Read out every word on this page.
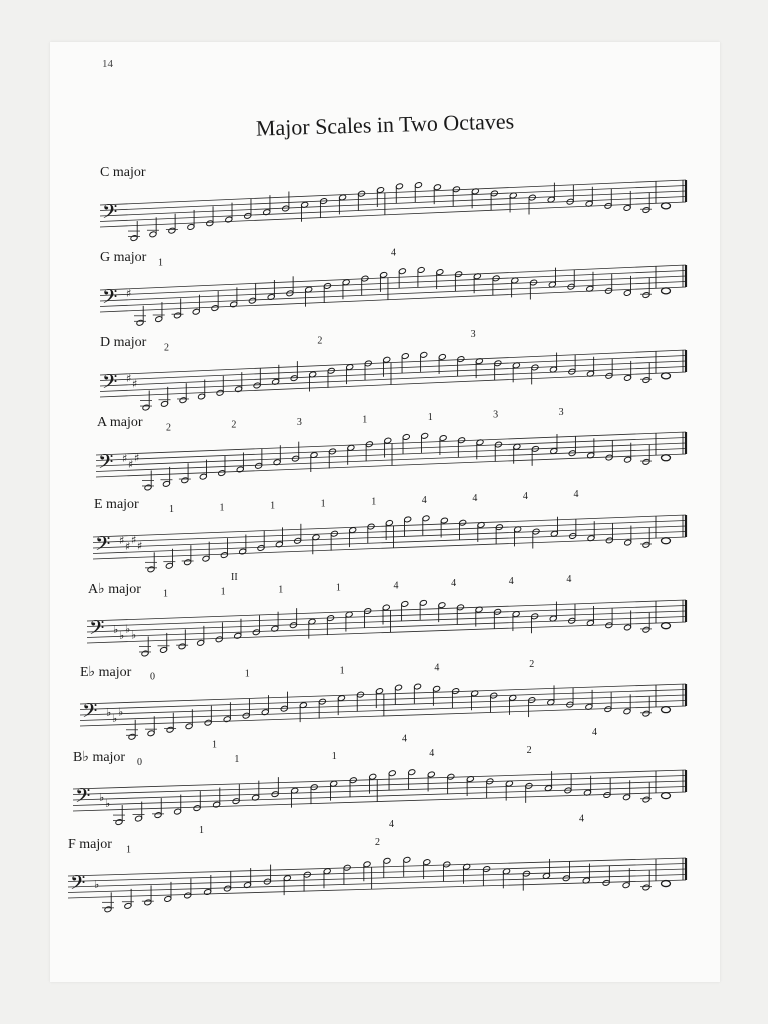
14
Major Scales in Two Octaves
C major
G major
D major
A major
E major
A♭ major
E♭ major
B♭ major
F major
𝄢
𝄢 ♯
1
4
𝄢 ♯ ♯
2
2
3
𝄢 ♯ ♯ ♯
2	2	3	1	1	3	3
𝄢 ♯ ♯ ♯ ♯
1	1	1	1	1	4	4	4	4
II
𝄢 ♭ ♭ ♭ ♭
1	1	1	1	4	4	4	4
𝄢 ♭ ♭ ♭
0	1	1	4	2
1
4
4
𝄢 ♭ ♭
0	1	1	4	2
1
4
4
𝄢 ♭
1
2
